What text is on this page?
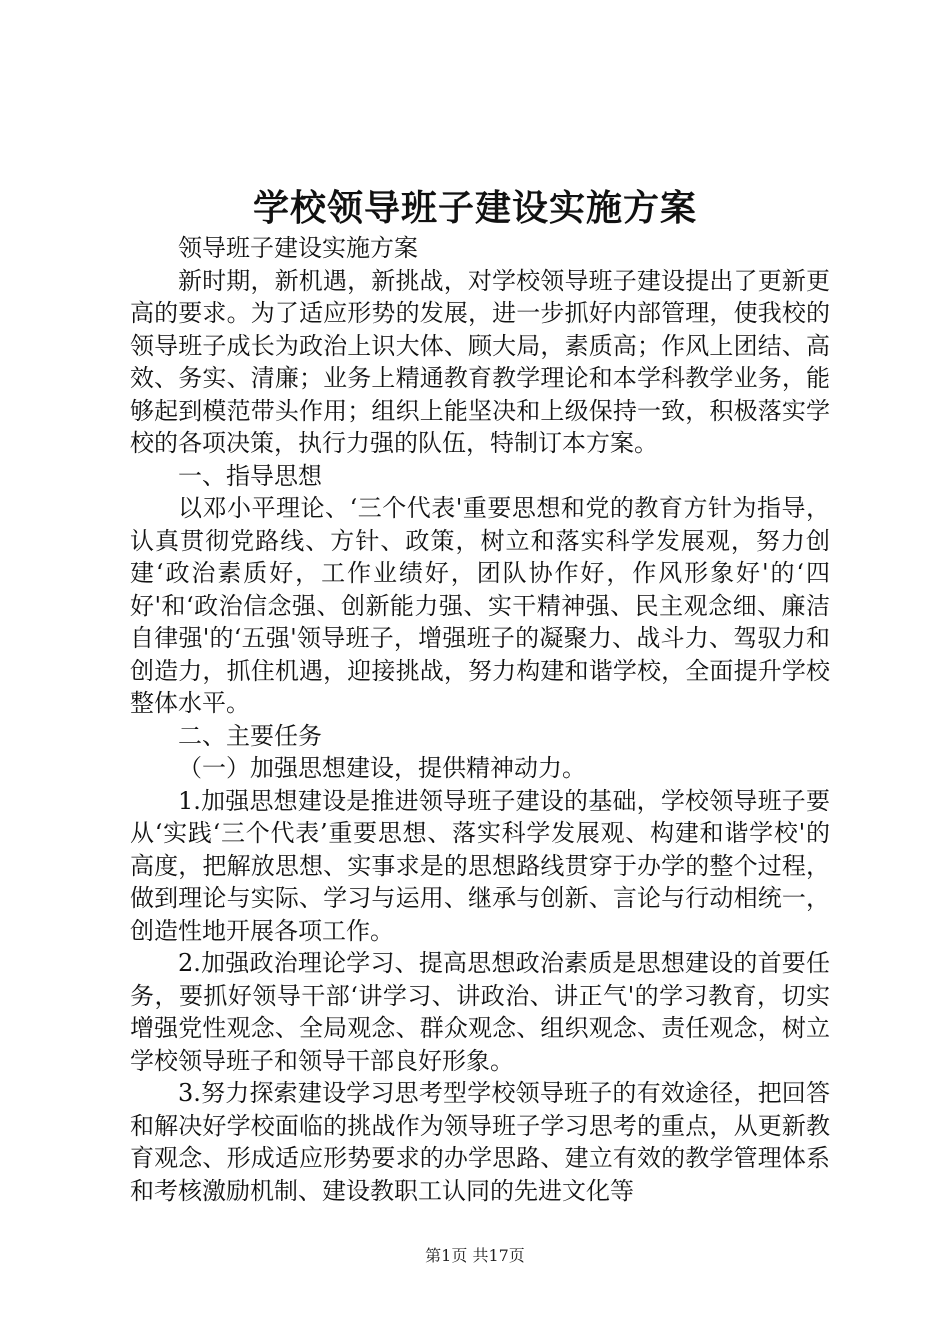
学校领导班子建设实施方案

领导班子建设实施方案

新时期，新机遇，新挑战，对学校领导班子建设提出了更新更高的要求。为了适应形势的发展，进一步抓好内部管理，使我校的领导班子成长为政治上识大体、顾大局，素质高；作风上团结、高效、务实、清廉；业务上精通教育教学理论和本学科教学业务，能够起到模范带头作用；组织上能坚决和上级保持一致，积极落实学校的各项决策，执行力强的队伍，特制订本方案。

一、指导思想

以邓小平理论、‘三个代表'重要思想和党的教育方针为指导，认真贯彻党路线、方针、政策，树立和落实科学发展观，努力创建‘政治素质好，工作业绩好，团队协作好，作风形象好'的‘四好'和‘政治信念强、创新能力强、实干精神强、民主观念细、廉洁自律强'的‘五强'领导班子，增强班子的凝聚力、战斗力、驾驭力和创造力，抓住机遇，迎接挑战，努力构建和谐学校，全面提升学校整体水平。

二、主要任务

（一）加强思想建设，提供精神动力。

1.加强思想建设是推进领导班子建设的基础，学校领导班子要从‘实践‘三个代表’重要思想、落实科学发展观、构建和谐学校'的高度，把解放思想、实事求是的思想路线贯穿于办学的整个过程，做到理论与实际、学习与运用、继承与创新、言论与行动相统一，创造性地开展各项工作。

2.加强政治理论学习、提高思想政治素质是思想建设的首要任务，要抓好领导干部‘讲学习、讲政治、讲正气'的学习教育，切实增强党性观念、全局观念、群众观念、组织观念、责任观念，树立学校领导班子和领导干部良好形象。

3.努力探索建设学习思考型学校领导班子的有效途径，把回答和解决好学校面临的挑战作为领导班子学习思考的重点，从更新教育观念、形成适应形势要求的办学思路、建立有效的教学管理体系和考核激励机制、建设教职工认同的先进文化等

第1页 共17页
